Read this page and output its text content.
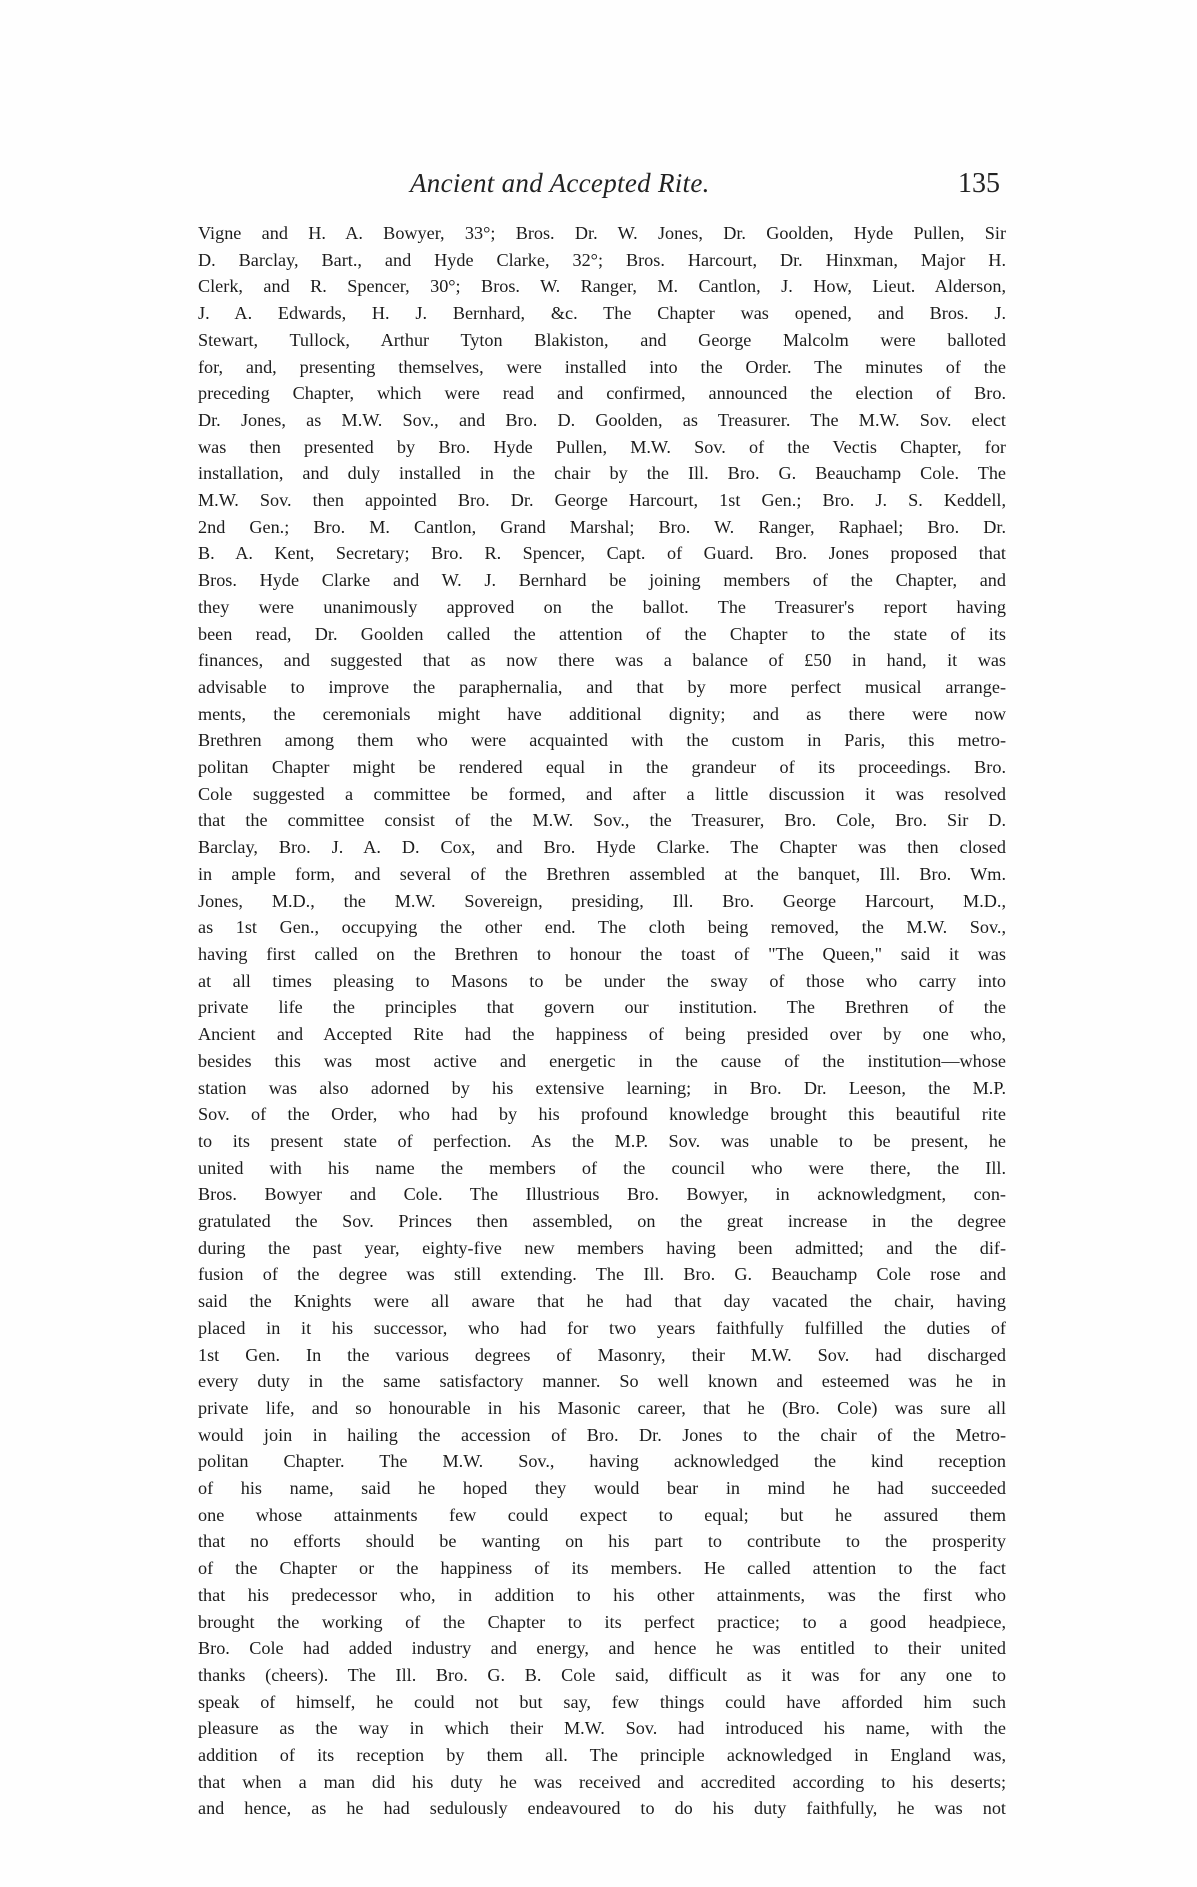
Ancient and Accepted Rite.	135
Vigne and H. A. Bowyer, 33°; Bros. Dr. W. Jones, Dr. Goolden, Hyde Pullen, Sir
D. Barclay, Bart., and Hyde Clarke, 32°; Bros. Harcourt, Dr. Hinxman, Major H.
Clerk, and R. Spencer, 30°; Bros. W. Ranger, M. Cantlon, J. How, Lieut. Alderson,
J. A. Edwards, H. J. Bernhard, &c. The Chapter was opened, and Bros. J.
Stewart, Tullock, Arthur Tyton Blakiston, and George Malcolm were balloted
for, and, presenting themselves, were installed into the Order. The minutes of the
preceding Chapter, which were read and confirmed, announced the election of Bro.
Dr. Jones, as M.W. Sov., and Bro. D. Goolden, as Treasurer. The M.W. Sov. elect
was then presented by Bro. Hyde Pullen, M.W. Sov. of the Vectis Chapter, for
installation, and duly installed in the chair by the Ill. Bro. G. Beauchamp Cole. The
M.W. Sov. then appointed Bro. Dr. George Harcourt, 1st Gen.; Bro. J. S. Keddell,
2nd Gen.; Bro. M. Cantlon, Grand Marshal; Bro. W. Ranger, Raphael; Bro. Dr.
B. A. Kent, Secretary; Bro. R. Spencer, Capt. of Guard. Bro. Jones proposed that
Bros. Hyde Clarke and W. J. Bernhard be joining members of the Chapter, and
they were unanimously approved on the ballot. The Treasurer's report having
been read, Dr. Goolden called the attention of the Chapter to the state of its
finances, and suggested that as now there was a balance of £50 in hand, it was
advisable to improve the paraphernalia, and that by more perfect musical arrange-
ments, the ceremonials might have additional dignity; and as there were now
Brethren among them who were acquainted with the custom in Paris, this metro-
politan Chapter might be rendered equal in the grandeur of its proceedings. Bro.
Cole suggested a committee be formed, and after a little discussion it was resolved
that the committee consist of the M.W. Sov., the Treasurer, Bro. Cole, Bro. Sir D.
Barclay, Bro. J. A. D. Cox, and Bro. Hyde Clarke. The Chapter was then closed
in ample form, and several of the Brethren assembled at the banquet, Ill. Bro. Wm.
Jones, M.D., the M.W. Sovereign, presiding, Ill. Bro. George Harcourt, M.D.,
as 1st Gen., occupying the other end. The cloth being removed, the M.W. Sov.,
having first called on the Brethren to honour the toast of "The Queen," said it was
at all times pleasing to Masons to be under the sway of those who carry into
private life the principles that govern our institution. The Brethren of the
Ancient and Accepted Rite had the happiness of being presided over by one who,
besides this was most active and energetic in the cause of the institution—whose
station was also adorned by his extensive learning; in Bro. Dr. Leeson, the M.P.
Sov. of the Order, who had by his profound knowledge brought this beautiful rite
to its present state of perfection. As the M.P. Sov. was unable to be present, he
united with his name the members of the council who were there, the Ill.
Bros. Bowyer and Cole. The Illustrious Bro. Bowyer, in acknowledgment, con-
gratulated the Sov. Princes then assembled, on the great increase in the degree
during the past year, eighty-five new members having been admitted; and the dif-
fusion of the degree was still extending. The Ill. Bro. G. Beauchamp Cole rose and
said the Knights were all aware that he had that day vacated the chair, having
placed in it his successor, who had for two years faithfully fulfilled the duties of
1st Gen. In the various degrees of Masonry, their M.W. Sov. had discharged
every duty in the same satisfactory manner. So well known and esteemed was he in
private life, and so honourable in his Masonic career, that he (Bro. Cole) was sure all
would join in hailing the accession of Bro. Dr. Jones to the chair of the Metro-
politan Chapter. The M.W. Sov., having acknowledged the kind reception
of his name, said he hoped they would bear in mind he had succeeded
one whose attainments few could expect to equal; but he assured them
that no efforts should be wanting on his part to contribute to the prosperity
of the Chapter or the happiness of its members. He called attention to the fact
that his predecessor who, in addition to his other attainments, was the first who
brought the working of the Chapter to its perfect practice; to a good headpiece,
Bro. Cole had added industry and energy, and hence he was entitled to their united
thanks (cheers). The Ill. Bro. G. B. Cole said, difficult as it was for any one to
speak of himself, he could not but say, few things could have afforded him such
pleasure as the way in which their M.W. Sov. had introduced his name, with the
addition of its reception by them all. The principle acknowledged in England was,
that when a man did his duty he was received and accredited according to his deserts;
and hence, as he had sedulously endeavoured to do his duty faithfully, he was not
